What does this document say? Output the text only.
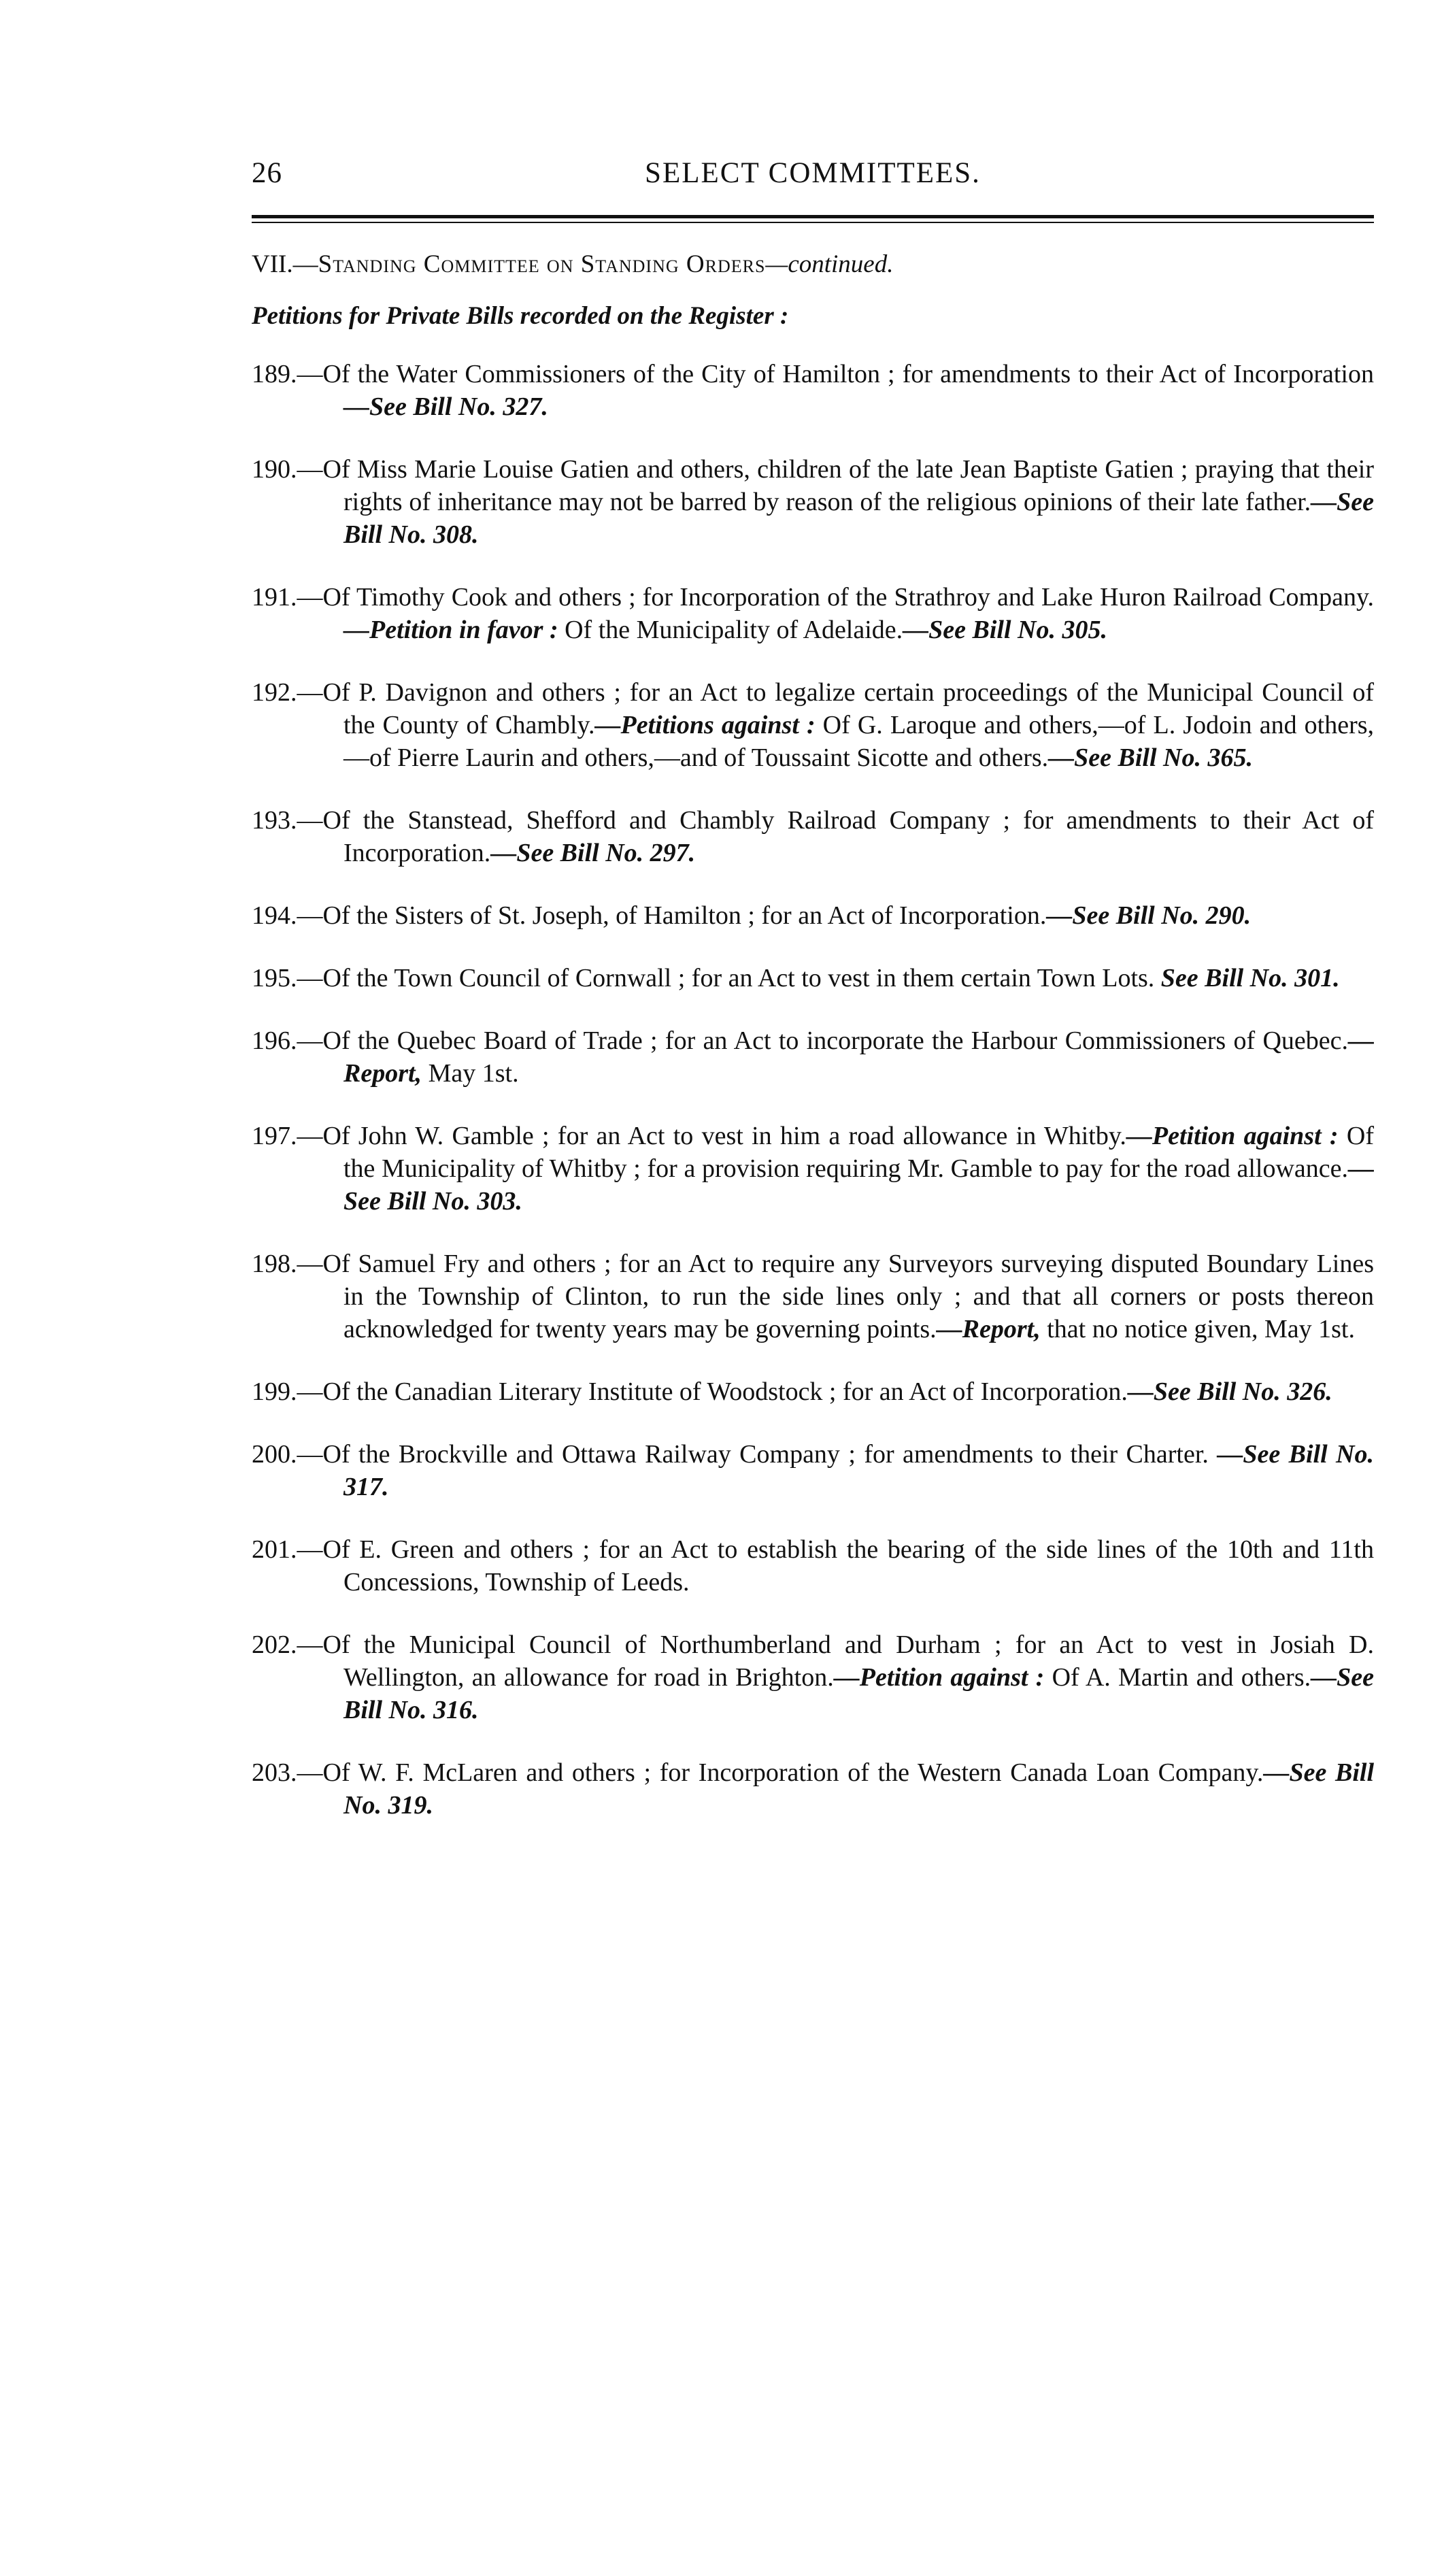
26	SELECT COMMITTEES.
VII.—Standing Committee on Standing Orders—continued.
Petitions for Private Bills recorded on the Register :

189.—Of the Water Commissioners of the City of Hamilton ; for amendments to their Act of Incorporation —See Bill No. 327.

190.—Of Miss Marie Louise Gatien and others, children of the late Jean Baptiste Gatien ; praying that their rights of inheritance may not be barred by reason of the religious opinions of their late father.—See Bill No. 308.

191.—Of Timothy Cook and others ; for Incorporation of the Strathroy and Lake Huron Railroad Company.—Petition in favor : Of the Municipality of Adelaide.—See Bill No. 305.

192.—Of P. Davignon and others ; for an Act to legalize certain proceedings of the Municipal Council of the County of Chambly.—Petitions against : Of G. Laroque and others,—of L. Jodoin and others,—of Pierre Laurin and others,—and of Toussaint Sicotte and others.—See Bill No. 365.

193.—Of the Stanstead, Shefford and Chambly Railroad Company ; for amendments to their Act of Incorporation.—See Bill No. 297.

194.—Of the Sisters of St. Joseph, of Hamilton ; for an Act of Incorporation.—See Bill No. 290.

195.—Of the Town Council of Cornwall ; for an Act to vest in them certain Town Lots. See Bill No. 301.

196.—Of the Quebec Board of Trade ; for an Act to incorporate the Harbour Commissioners of Quebec.—Report, May 1st.

197.—Of John W. Gamble ; for an Act to vest in him a road allowance in Whitby.—Petition against : Of the Municipality of Whitby ; for a provision requiring Mr. Gamble to pay for the road allowance.—See Bill No. 303.

198.—Of Samuel Fry and others ; for an Act to require any Surveyors surveying disputed Boundary Lines in the Township of Clinton, to run the side lines only ; and that all corners or posts thereon acknowledged for twenty years may be governing points.—Report, that no notice given, May 1st.

199.—Of the Canadian Literary Institute of Woodstock ; for an Act of Incorporation.—See Bill No. 326.

200.—Of the Brockville and Ottawa Railway Company ; for amendments to their Charter. —See Bill No. 317.

201.—Of E. Green and others ; for an Act to establish the bearing of the side lines of the 10th and 11th Concessions, Township of Leeds.

202.—Of the Municipal Council of Northumberland and Durham ; for an Act to vest in Josiah D. Wellington, an allowance for road in Brighton.—Petition against : Of A. Martin and others.—See Bill No. 316.

203.—Of W. F. McLaren and others ; for Incorporation of the Western Canada Loan Company.—See Bill No. 319.
